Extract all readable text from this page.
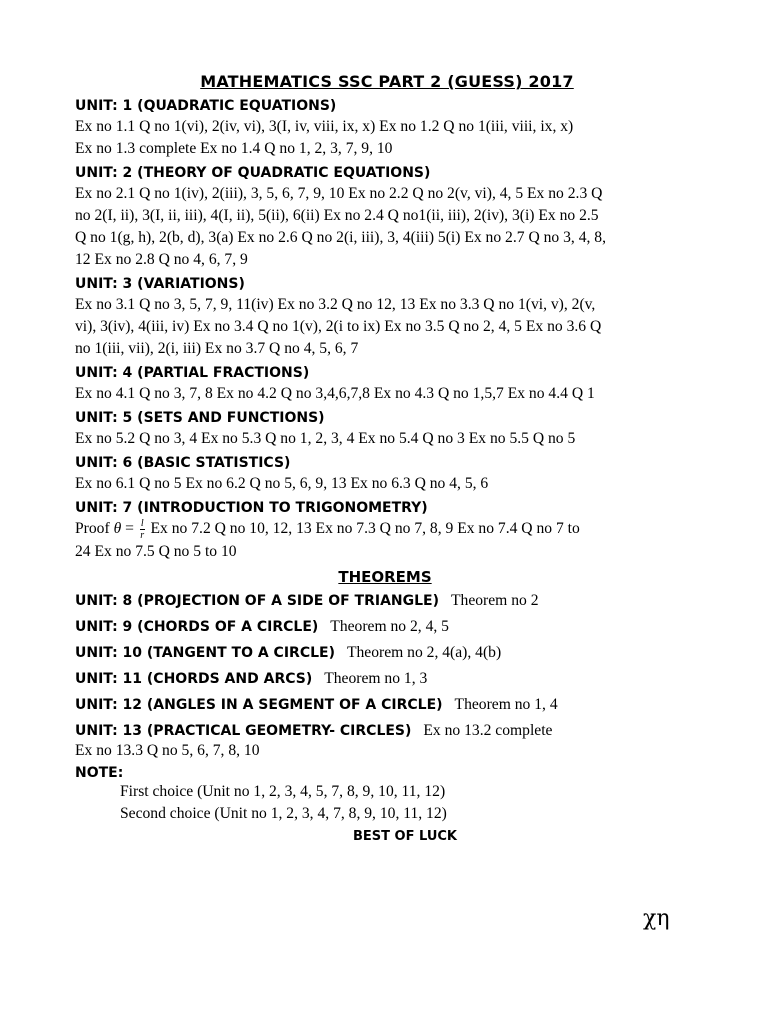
MATHEMATICS SSC PART 2 (GUESS) 2017
UNIT: 1 (QUADRATIC EQUATIONS)
Ex no 1.1 Q no 1(vi), 2(iv, vi), 3(I, iv, viii, ix, x) Ex no 1.2 Q no 1(iii, viii, ix, x)
Ex no 1.3 complete Ex no 1.4 Q no 1, 2, 3, 7, 9, 10
UNIT: 2 (THEORY OF QUADRATIC EQUATIONS)
Ex no 2.1 Q no 1(iv), 2(iii), 3, 5, 6, 7, 9, 10 Ex no 2.2 Q no 2(v, vi), 4, 5 Ex no 2.3 Q
no 2(I, ii), 3(I, ii, iii), 4(I, ii), 5(ii), 6(ii) Ex no 2.4 Q no1(ii, iii), 2(iv), 3(i) Ex no 2.5
Q no 1(g, h), 2(b, d), 3(a) Ex no 2.6 Q no 2(i, iii), 3, 4(iii) 5(i) Ex no 2.7 Q no 3, 4, 8,
12 Ex no 2.8 Q no 4, 6, 7, 9
UNIT: 3 (VARIATIONS)
Ex no 3.1 Q no 3, 5, 7, 9, 11(iv) Ex no 3.2 Q no 12, 13 Ex no 3.3 Q no 1(vi, v), 2(v,
vi), 3(iv), 4(iii, iv) Ex no 3.4 Q no 1(v), 2(i to ix) Ex no 3.5 Q no 2, 4, 5 Ex no 3.6 Q
no 1(iii, vii), 2(i, iii) Ex no 3.7 Q no 4, 5, 6, 7
UNIT: 4 (PARTIAL FRACTIONS)
Ex no 4.1 Q no 3, 7, 8 Ex no 4.2 Q no 3,4,6,7,8 Ex no 4.3 Q no 1,5,7 Ex no 4.4 Q 1
UNIT: 5 (SETS AND FUNCTIONS)
Ex no 5.2 Q no 3, 4 Ex no 5.3 Q no 1, 2, 3, 4 Ex no 5.4 Q no 3 Ex no 5.5 Q no 5
UNIT: 6 (BASIC STATISTICS)
Ex no 6.1 Q no 5 Ex no 6.2 Q no 5, 6, 9, 13 Ex no 6.3 Q no 4, 5, 6
UNIT: 7 (INTRODUCTION TO TRIGONOMETRY)
Proof $\theta = \frac{l}{r}$ Ex no 7.2 Q no 10, 12, 13 Ex no 7.3 Q no 7, 8, 9 Ex no 7.4 Q no 7 to
24 Ex no 7.5 Q no 5 to 10
THEOREMS
UNIT: 8 (PROJECTION OF A SIDE OF TRIANGLE) Theorem no 2
UNIT: 9 (CHORDS OF A CIRCLE) Theorem no 2, 4, 5
UNIT: 10 (TANGENT TO A CIRCLE) Theorem no 2, 4(a), 4(b)
UNIT: 11 (CHORDS AND ARCS) Theorem no 1, 3
UNIT: 12 (ANGLES IN A SEGMENT OF A CIRCLE) Theorem no 1, 4
UNIT: 13 (PRACTICAL GEOMETRY- CIRCLES) Ex no 13.2 complete
Ex no 13.3 Q no 5, 6, 7, 8, 10
NOTE:
First choice (Unit no 1, 2, 3, 4, 5, 7, 8, 9, 10, 11, 12)
Second choice (Unit no 1, 2, 3, 4, 7, 8, 9, 10, 11, 12)
BEST OF LUCK
χη
